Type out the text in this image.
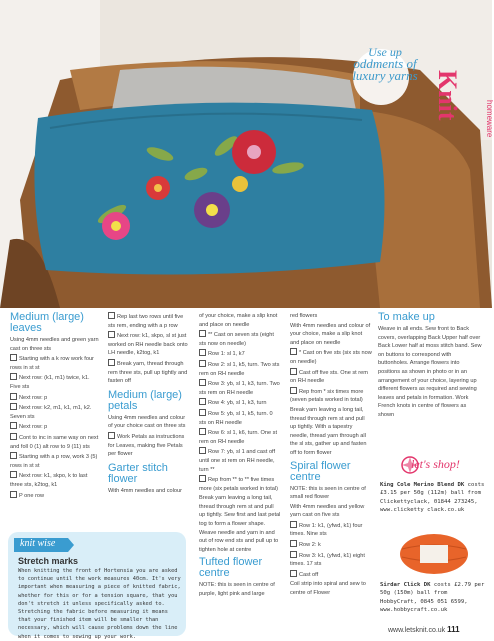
Use up
oddments of
luxury yarns Knit	homeware
Medium (large) leaves

Using 4mm needles and green yarn cast on three sts

Starting with a k row work four rows in st st

Next row: (k1, m1) twice, k1. Five sts

Next row: p

Next row: k2, m1, k1, m1, k2. Seven sts

Next row: p

Cont to inc in same way on next and foll 0 (1) alt row to 9 (11) sts

Starting with a p row, work 3 (5) rows in st st

Next row: k1, skpo, k to last three sts, k2tog, k1

P one row

Rep last two rows until five sts rem, ending with a p row

Next row: k1, skpo, sl st just worked on RH needle back onto LH needle, k2tog, k1

Break yarn, thread through rem three sts, pull up tightly and fasten off

Medium (large) petals

Using 4mm needles and colour of your choice cast on three sts

Work Petals as instructions for Leaves, making five Petals per flower

Garter stitch flower

With 4mm needles and colour

of your choice, make a slip knot and place on needle

** Cast on seven sts (eight sts now on needle)

Row 1: sl 1, k7

Row 2: sl 1, k5, turn. Two sts rem on RH needle

Row 3: yb, sl 1, k3, turn. Two sts rem on RH needle

Row 4: yb, sl 1, k3, turn

Row 5: yb, sl 1, k5, turn. 0 sts on RH needle

Row 6: sl 1, k6, turn. One st rem on RH needle

Row 7: yb, sl 1 and cast off until one st rem on RH needle, turn **

Rep from ** to ** five times more (six petals worked in total)

Break yarn leaving a long tail, thread through rem st and pull up tightly. Sew first and last petal tog to form a flower shape. Weave needle and yarn in and out of row end sts and pull up to tighten hole at centre

Tufted flower centre

NOTE: this is seen in centre of purple, light pink and large

red flowers

With 4mm needles and colour of your choice, make a slip knot and place on needle

* Cast on five sts (six sts now on needle)

Cast off five sts. One st rem on RH needle

Rep from * six times more (seven petals worked in total)

Break yarn leaving a long tail, thread through rem st and pull up tightly. With a tapestry needle, thread yarn through all the sl sts, gather up and fasten off to form flower

Spiral flower centre

NOTE: this is seen in centre of small red flower

With 4mm needles and yellow yarn cast on five sts

Row 1: k1, (yfwd, k1) four times. Nine sts

Row 2: k

Row 3: k1, (yfwd, k1) eight times. 17 sts

Cast off

Coil strip into spiral and sew to centre of Flower

To make up

Weave in all ends. Sew front to Back covers, overlapping Back Upper half over Back Lower half at moss stitch band. Sew on buttons to correspond with buttonholes. Arrange flowers into positions as shown in photo or in an arrangement of your choice, layering up different flowers as required and sewing leaves and petals in formation. Work French knots in centre of flowers as shown

knit wise
Stretch marks
When knitting the front of Hortensia you are asked to continue until the work measures 40cm. It's very important when measuring a piece of knitted fabric, whether for this or for a tension square, that you don't stretch it unless specifically asked to. Stretching the fabric before measuring it means that your finished item will be smaller than necessary, which will cause problems down the line when it comes to sewing up your work.
let's shop!
King Cole Merino Blend DK costs £3.15 per 50g (112m) ball from Clickettyclack, 01844 273245, www.clicketty clack.co.uk
Sirdar Click DK costs £2.79 per 50g (150m) ball from HobbyCraft, 0845 051 6599, www.hobbycraft.co.uk
www.letsknit.co.uk 111
